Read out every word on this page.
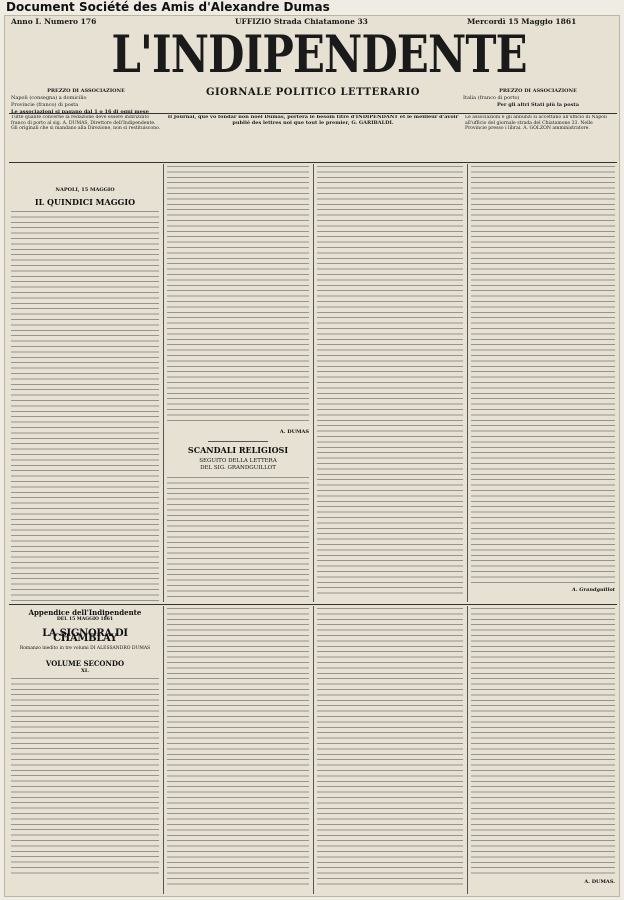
Document Société des Amis d'Alexandre Dumas
Anno I. Numero 176	UFFIZIO Strada Chiatamone 33	Mercordì 15 Maggio 1861
L'INDIPENDENTE
GIORNALE POLITICO LETTERARIO
PREZZO DI ASSOCIAZIONE
Napoli (consegna) a domicilio
Provincie (franco) di posta
Le associazioni si pagano dal 1 o 16 di ogni mese
PREZZO DI ASSOCIAZIONE
Italia (franco di porto)
Per gli altri Stati più la posta
Tutte quante concerne la redazione deve essere indirizzato franco di porto al sig. A. DUMAS, Direttore dell'Indipendente. Gli originali che si mandano alla Direzione, non si restituiscono.
Il Journal, que vo fondar non noel Dumas, portera le besoin titre d'INDIPENDANT et le meilleur d'avoir publié des lettres noi que tout le premier, G. GARIBALDI.
Le associazioni e gli annunzi si accettano all'ufficio di Napoli all'ufficio del giornale strada del Chiatamone 33. Nelle Provincie presso i librai. A. GOLZON amministratore.
NAPOLI, 15 MAGGIO
IL QUINDICI MAGGIO
A. DUMAS
SCANDALI RELIGIOSI
SEGUITO DELLA LETTERA
DEL SIG. GRANDGUILLOT
A. Grandguillot
Appendice dell'Indipendente
DEL 15 MAGGIO 1861
LA SIGNORA DI CHAMBLAY
Romanzo inedito in tre volumi DI ALESSANDRO DUMAS
VOLUME SECONDO
XI.
A. DUMAS.
